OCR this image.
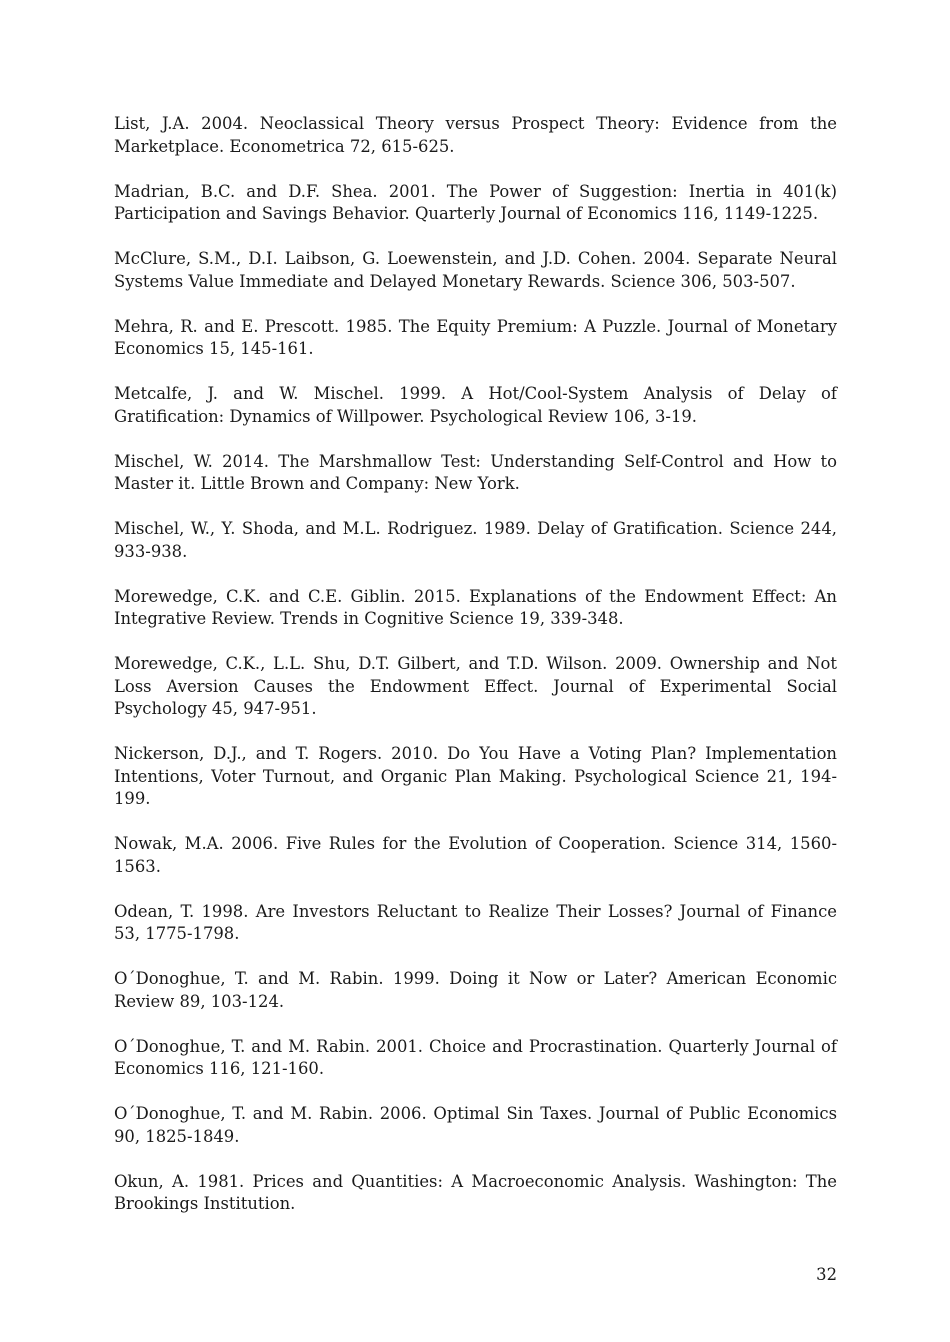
List, J.A. 2004. Neoclassical Theory versus Prospect Theory: Evidence from the Marketplace. Econometrica 72, 615-625.
Madrian, B.C. and D.F. Shea. 2001. The Power of Suggestion: Inertia in 401(k) Participation and Savings Behavior. Quarterly Journal of Economics 116, 1149-1225.
McClure, S.M., D.I. Laibson, G. Loewenstein, and J.D. Cohen. 2004. Separate Neural Systems Value Immediate and Delayed Monetary Rewards. Science 306, 503-507.
Mehra, R. and E. Prescott. 1985. The Equity Premium: A Puzzle. Journal of Monetary Economics 15, 145-161.
Metcalfe, J. and W. Mischel. 1999. A Hot/Cool-System Analysis of Delay of Gratification: Dynamics of Willpower. Psychological Review 106, 3-19.
Mischel, W. 2014. The Marshmallow Test: Understanding Self-Control and How to Master it. Little Brown and Company: New York.
Mischel, W., Y. Shoda, and M.L. Rodriguez. 1989. Delay of Gratification. Science 244, 933-938.
Morewedge, C.K. and C.E. Giblin. 2015. Explanations of the Endowment Effect: An Integrative Review. Trends in Cognitive Science 19, 339-348.
Morewedge, C.K., L.L. Shu, D.T. Gilbert, and T.D. Wilson. 2009. Ownership and Not Loss Aversion Causes the Endowment Effect. Journal of Experimental Social Psychology 45, 947-951.
Nickerson, D.J., and T. Rogers. 2010. Do You Have a Voting Plan? Implementation Intentions, Voter Turnout, and Organic Plan Making. Psychological Science 21, 194-199.
Nowak, M.A. 2006. Five Rules for the Evolution of Cooperation. Science 314, 1560-1563.
Odean, T. 1998. Are Investors Reluctant to Realize Their Losses? Journal of Finance 53, 1775-1798.
O´Donoghue, T. and M. Rabin. 1999. Doing it Now or Later? American Economic Review 89, 103-124.
O´Donoghue, T. and M. Rabin. 2001. Choice and Procrastination. Quarterly Journal of Economics 116, 121-160.
O´Donoghue, T. and M. Rabin. 2006. Optimal Sin Taxes. Journal of Public Economics 90, 1825-1849.
Okun, A. 1981. Prices and Quantities: A Macroeconomic Analysis. Washington: The Brookings Institution.
32
